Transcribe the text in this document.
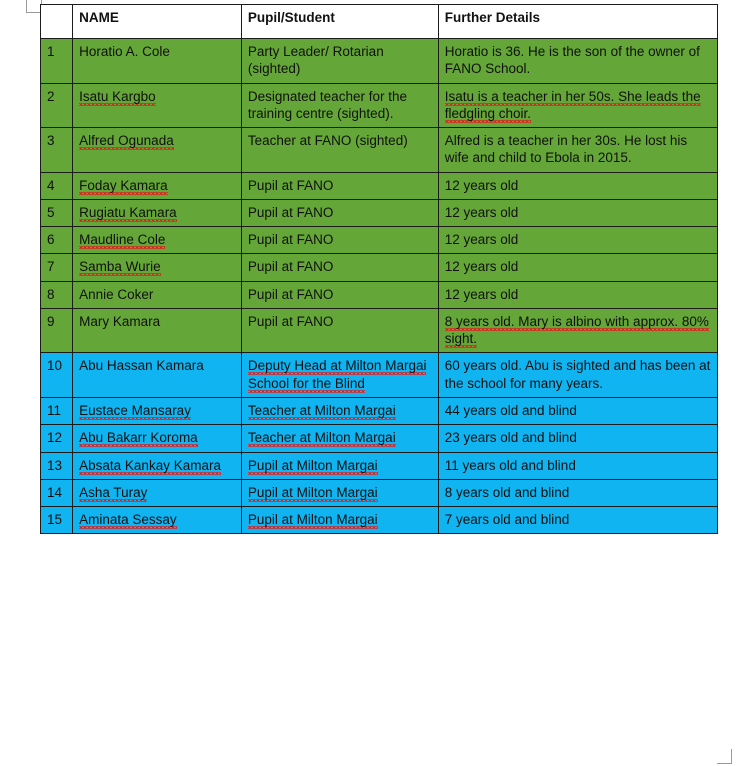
	NAME	Pupil/Student	Further Details
1	Horatio A. Cole	Party Leader/ Rotarian (sighted)	Horatio is 36. He is the son of the owner of FANO School.
2	Isatu Kargbo	Designated teacher for the training centre (sighted).	Isatu is a teacher in her 50s. She leads the fledgling choir.
3	Alfred Ogunada	Teacher at FANO (sighted)	Alfred is a teacher in her 30s. He lost his wife and child to Ebola in 2015.
4	Foday Kamara	Pupil at FANO	12 years old
5	Rugiatu Kamara	Pupil at FANO	12 years old
6	Maudline Cole	Pupil at FANO	12 years old
7	Samba Wurie	Pupil at FANO	12 years old
8	Annie Coker	Pupil at FANO	12 years old
9	Mary Kamara	Pupil at FANO	8 years old. Mary is albino with approx. 80% sight.
10	Abu Hassan Kamara	Deputy Head at Milton Margai School for the Blind	60 years old. Abu is sighted and has been at the school for many years.
11	Eustace Mansaray	Teacher at Milton Margai	44 years old and blind
12	Abu Bakarr Koroma	Teacher at Milton Margai	23 years old and blind
13	Absata Kankay Kamara	Pupil at Milton Margai	11 years old and blind
14	Asha Turay	Pupil at Milton Margai	8 years old and blind
15	Aminata Sessay	Pupil at Milton Margai	7 years old and blind
